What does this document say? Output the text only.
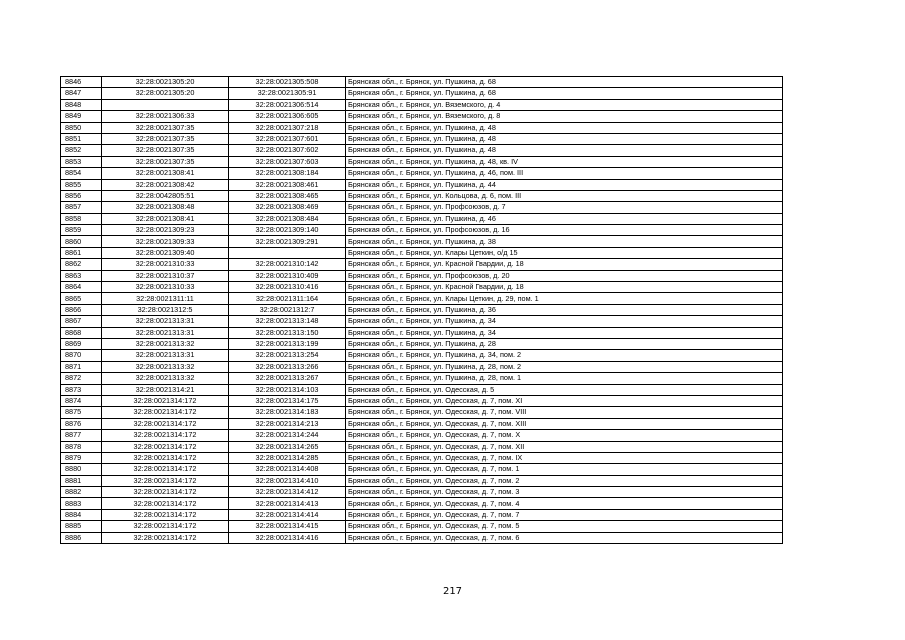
8846	32:28:0021305:20	32:28:0021305:508	Брянская обл., г. Брянск, ул. Пушкина, д. 68
8847	32:28:0021305:20	32:28:0021305:91	Брянская обл., г. Брянск, ул. Пушкина, д. 68
8848		32:28:0021306:514	Брянская обл., г. Брянск, ул. Вяземского, д. 4
8849	32:28:0021306:33	32:28:0021306:605	Брянская обл., г. Брянск, ул. Вяземского, д. 8
8850	32:28:0021307:35	32:28:0021307:218	Брянская обл., г. Брянск, ул. Пушкина, д. 48
8851	32:28:0021307:35	32:28:0021307:601	Брянская обл., г. Брянск, ул. Пушкина, д. 48
8852	32:28:0021307:35	32:28:0021307:602	Брянская обл., г. Брянск, ул. Пушкина, д. 48
8853	32:28:0021307:35	32:28:0021307:603	Брянская обл., г. Брянск, ул. Пушкина, д. 48, кв. IV
8854	32:28:0021308:41	32:28:0021308:184	Брянская обл., г. Брянск, ул. Пушкина, д. 46, пом. III
8855	32:28:0021308:42	32:28:0021308:461	Брянская обл., г. Брянск, ул. Пушкина, д. 44
8856	32:28:0042805:51	32:28:0021308:465	Брянская обл., г. Брянск, ул. Кольцова, д. 6, пом. III
8857	32:28:0021308:48	32:28:0021308:469	Брянская обл., г. Брянск, ул. Профсоюзов, д. 7
8858	32:28:0021308:41	32:28:0021308:484	Брянская обл., г. Брянск, ул. Пушкина, д. 46
8859	32:28:0021309:23	32:28:0021309:140	Брянская обл., г. Брянск, ул. Профсоюзов, д. 16
8860	32:28:0021309:33	32:28:0021309:291	Брянская обл., г. Брянск, ул. Пушкина, д. 38
8861	32:28:0021309:40		Брянская обл., г. Брянск, ул. Клары Цеткин, о/д 15
8862	32:28:0021310:33	32:28:0021310:142	Брянская обл., г. Брянск, ул. Красной Гвардии, д. 18
8863	32:28:0021310:37	32:28:0021310:409	Брянская обл., г. Брянск, ул. Профсоюзов, д. 20
8864	32:28:0021310:33	32:28:0021310:416	Брянская обл., г. Брянск, ул. Красной Гвардии, д. 18
8865	32:28:0021311:11	32:28:0021311:164	Брянская обл., г. Брянск, ул. Клары Цеткин, д. 29, пом. 1
8866	32:28:0021312:5	32:28:0021312:7	Брянская обл., г. Брянск, ул. Пушкина, д. 36
8867	32:28:0021313:31	32:28:0021313:148	Брянская обл., г. Брянск, ул. Пушкина, д. 34
8868	32:28:0021313:31	32:28:0021313:150	Брянская обл., г. Брянск, ул. Пушкина, д. 34
8869	32:28:0021313:32	32:28:0021313:199	Брянская обл., г. Брянск, ул. Пушкина, д. 28
8870	32:28:0021313:31	32:28:0021313:254	Брянская обл., г. Брянск, ул. Пушкина, д. 34, пом. 2
8871	32:28:0021313:32	32:28:0021313:266	Брянская обл., г. Брянск, ул. Пушкина, д. 28, пом. 2
8872	32:28:0021313:32	32:28:0021313:267	Брянская обл., г. Брянск, ул. Пушкина, д. 28, пом. 1
8873	32:28:0021314:21	32:28:0021314:103	Брянская обл., г. Брянск, ул. Одесская, д. 5
8874	32:28:0021314:172	32:28:0021314:175	Брянская обл., г. Брянск, ул. Одесская, д. 7, пом. XI
8875	32:28:0021314:172	32:28:0021314:183	Брянская обл., г. Брянск, ул. Одесская, д. 7, пом. VIII
8876	32:28:0021314:172	32:28:0021314:213	Брянская обл., г. Брянск, ул. Одесская, д. 7, пом. XIII
8877	32:28:0021314:172	32:28:0021314:244	Брянская обл., г. Брянск, ул. Одесская, д. 7, пом. X
8878	32:28:0021314:172	32:28:0021314:265	Брянская обл., г. Брянск, ул. Одесская, д. 7, пом. XII
8879	32:28:0021314:172	32:28:0021314:285	Брянская обл., г. Брянск, ул. Одесская, д. 7, пом. IX
8880	32:28:0021314:172	32:28:0021314:408	Брянская обл., г. Брянск, ул. Одесская, д. 7, пом. 1
8881	32:28:0021314:172	32:28:0021314:410	Брянская обл., г. Брянск, ул. Одесская, д. 7, пом. 2
8882	32:28:0021314:172	32:28:0021314:412	Брянская обл., г. Брянск, ул. Одесская, д. 7, пом. 3
8883	32:28:0021314:172	32:28:0021314:413	Брянская обл., г. Брянск, ул. Одесская, д. 7, пом. 4
8884	32:28:0021314:172	32:28:0021314:414	Брянская обл., г. Брянск, ул. Одесская, д. 7, пом. 7
8885	32:28:0021314:172	32:28:0021314:415	Брянская обл., г. Брянск, ул. Одесская, д. 7, пом. 5
8886	32:28:0021314:172	32:28:0021314:416	Брянская обл., г. Брянск, ул. Одесская, д. 7, пом. 6
217
